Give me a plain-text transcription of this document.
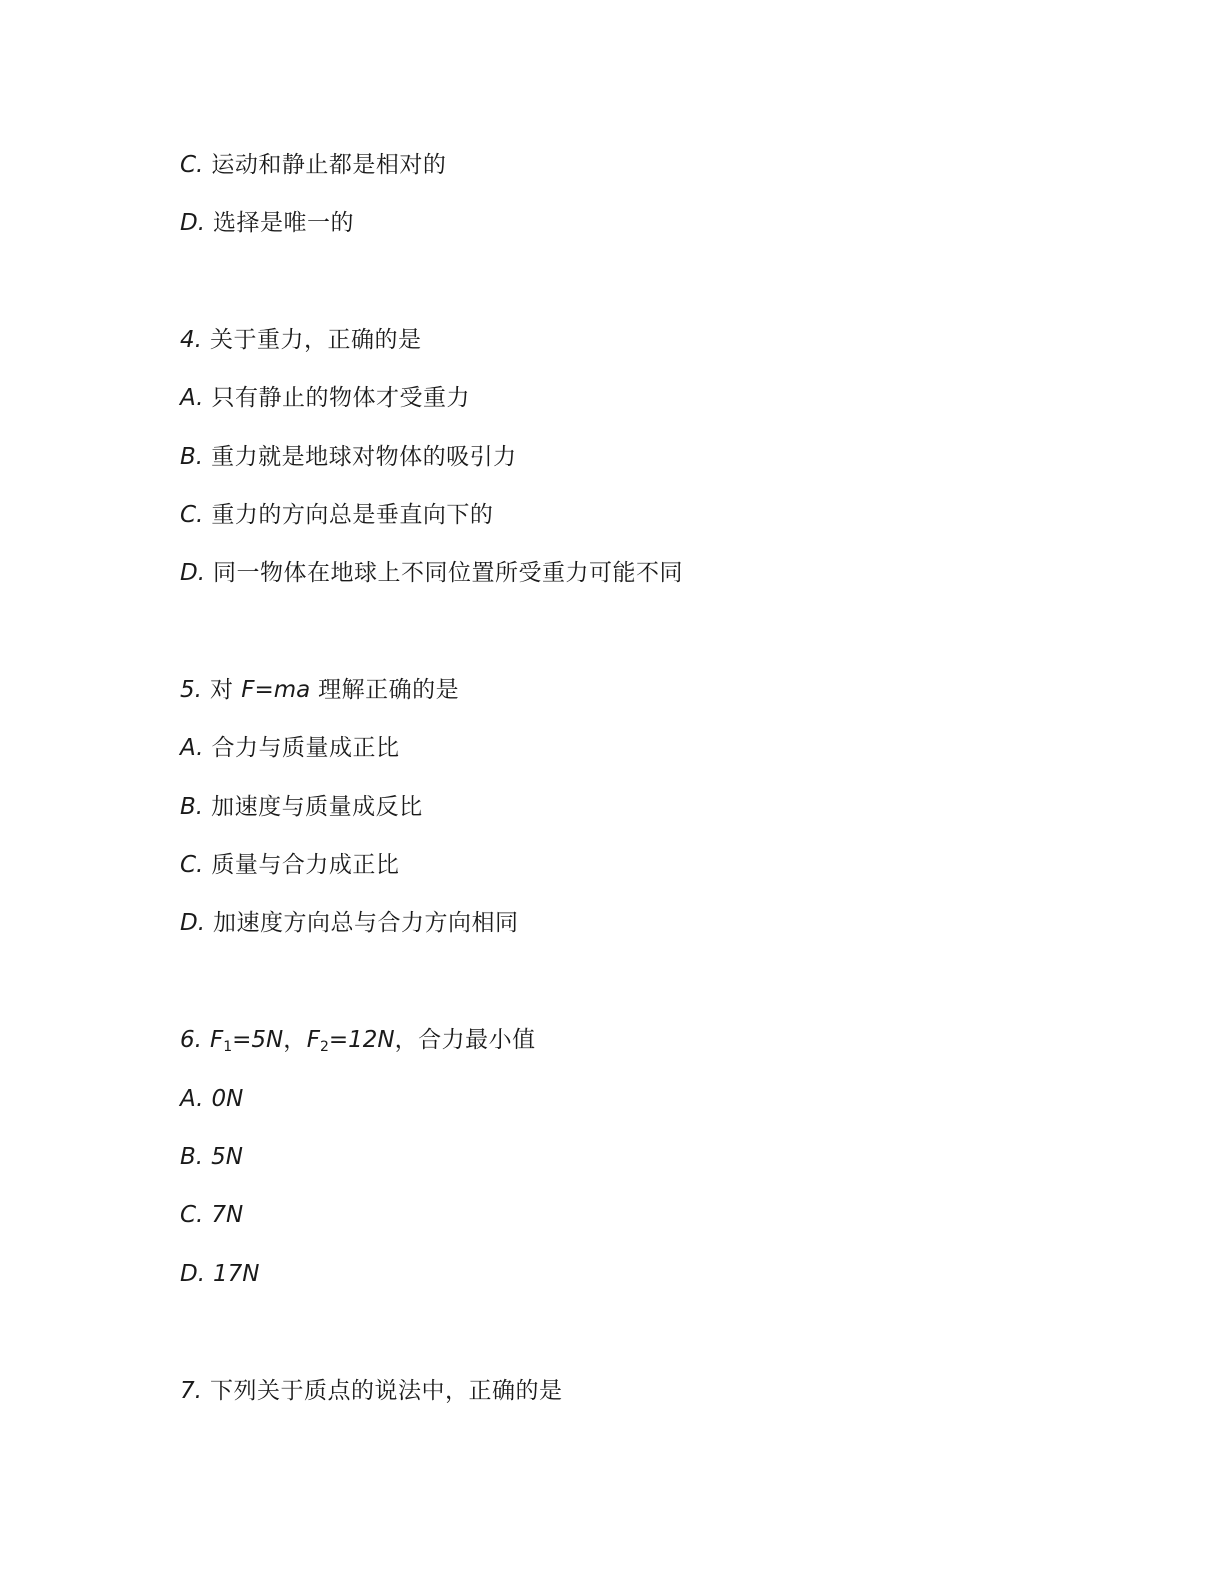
C. 运动和静止都是相对的
D. 选择是唯一的
4. 关于重力，正确的是
A. 只有静止的物体才受重力
B. 重力就是地球对物体的吸引力
C. 重力的方向总是垂直向下的
D. 同一物体在地球上不同位置所受重力可能不同
5. 对 F=ma 理解正确的是
A. 合力与质量成正比
B. 加速度与质量成反比
C. 质量与合力成正比
D. 加速度方向总与合力方向相同
6. $F_1=5N$，$F_2=12N$，合力最小值
A. 0N
B. 5N
C. 7N
D. 17N
7. 下列关于质点的说法中，正确的是
